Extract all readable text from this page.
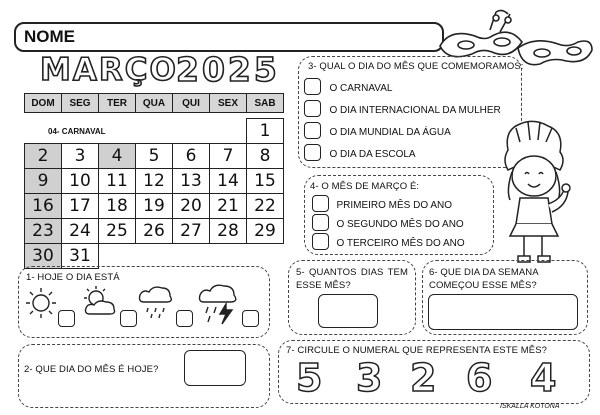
NOME
MARÇO
2025
DOM	SEG	TER	QUA	QUI	SEX	SAB
04- CARNAVAL
							1
2	3	4	5	6	7	8
9	10	11	12	13	14	15
16	17	18	19	20	21	22
23	24	25	26	27	28	29
30	31					
3- QUAL O DIA DO MÊS QUE COMEMORAMOS:
$^{O CARNAVAL}$
$^{O DIA INTERNACIONAL DA MULHER}$
$^{O DIA MUNDIAL DA ÁGUA}$
$^{O DIA DA ESCOLA}$
4- O MÊS DE MARÇO É:
$^{PRIMEIRO MÊS DO ANO}$
$^{O SEGUNDO MÊS DO ANO}$
$^{O TERCEIRO MÊS DO ANO}$
1- HOJE O DIA ESTÁ	5- QUANTOS DIAS TEM ESSE MÊS?
6- QUE DIA DA SEMANA COMEÇOU ESSE MÊS?
2- QUE DIA DO MÊS É HOJE?
7- CIRCULE O NUMERAL QUE REPRESENTA ESTE MÊS?
5 3 2 6 4
ISKALLA KOTONA
